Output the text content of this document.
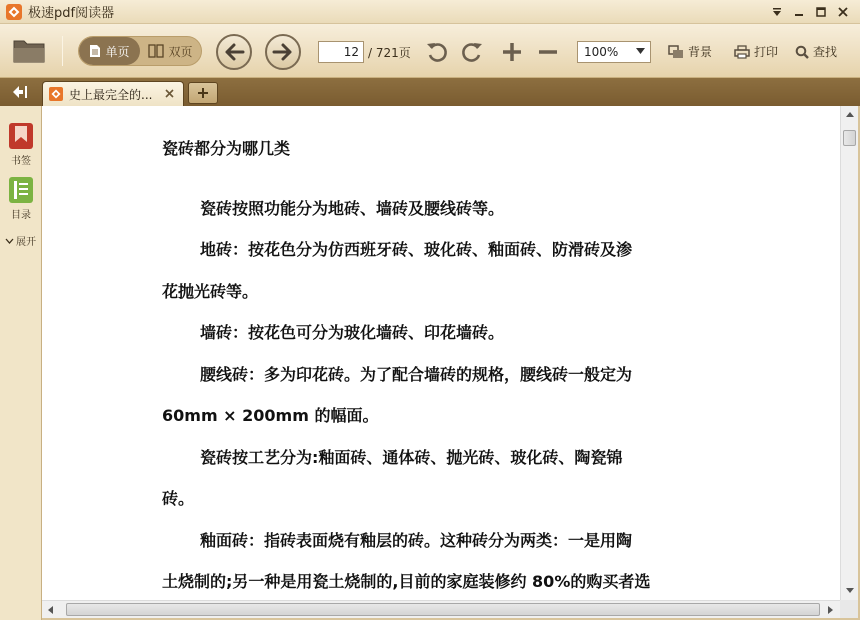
极速pdf阅读器
单页	双页
12	/ 721页	100%	背景	打印	查找
史上最完全的...
书签
目录
展开
瓷砖都分为哪几类
瓷砖按照功能分为地砖、墙砖及腰线砖等。
地砖：按花色分为仿西班牙砖、玻化砖、釉面砖、防滑砖及渗
花抛光砖等。
墙砖：按花色可分为玻化墙砖、印花墙砖。
腰线砖：多为印花砖。为了配合墙砖的规格，腰线砖一般定为
60mm × 200mm 的幅面。
瓷砖按工艺分为:釉面砖、通体砖、抛光砖、玻化砖、陶瓷锦
砖。
釉面砖：指砖表面烧有釉层的砖。这种砖分为两类：一是用陶
土烧制的;另一种是用瓷土烧制的,目前的家庭装修约 80%的购买者选
